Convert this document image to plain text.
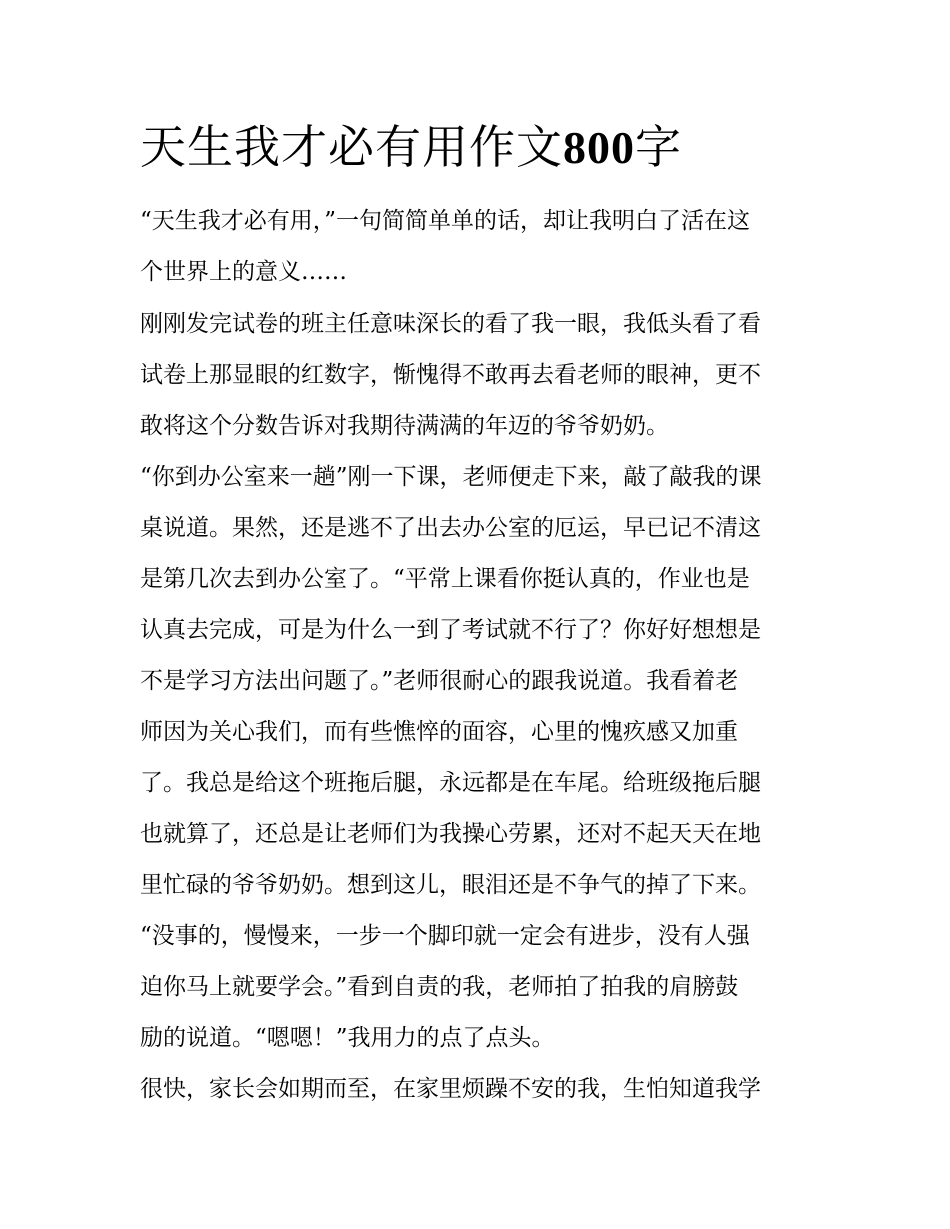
天生我才必有用作文800字

“天生我才必有用，”一句简简单单的话，却让我明白了活在这

个世界上的意义……

刚刚发完试卷的班主任意味深长的看了我一眼，我低头看了看

试卷上那显眼的红数字，惭愧得不敢再去看老师的眼神，更不

敢将这个分数告诉对我期待满满的年迈的爷爷奶奶。

“你到办公室来一趟”刚一下课，老师便走下来，敲了敲我的课

桌说道。果然，还是逃不了出去办公室的厄运，早已记不清这

是第几次去到办公室了。“平常上课看你挺认真的，作业也是

认真去完成，可是为什么一到了考试就不行了？你好好想想是

不是学习方法出问题了。”老师很耐心的跟我说道。我看着老

师因为关心我们，而有些憔悴的面容，心里的愧疚感又加重

了。我总是给这个班拖后腿，永远都是在车尾。给班级拖后腿

也就算了，还总是让老师们为我操心劳累，还对不起天天在地

里忙碌的爷爷奶奶。想到这儿，眼泪还是不争气的掉了下来。

“没事的，慢慢来，一步一个脚印就一定会有进步，没有人强

迫你马上就要学会。”看到自责的我，老师拍了拍我的肩膀鼓

励的说道。“嗯嗯！”我用力的点了点头。

很快，家长会如期而至，在家里烦躁不安的我，生怕知道我学
